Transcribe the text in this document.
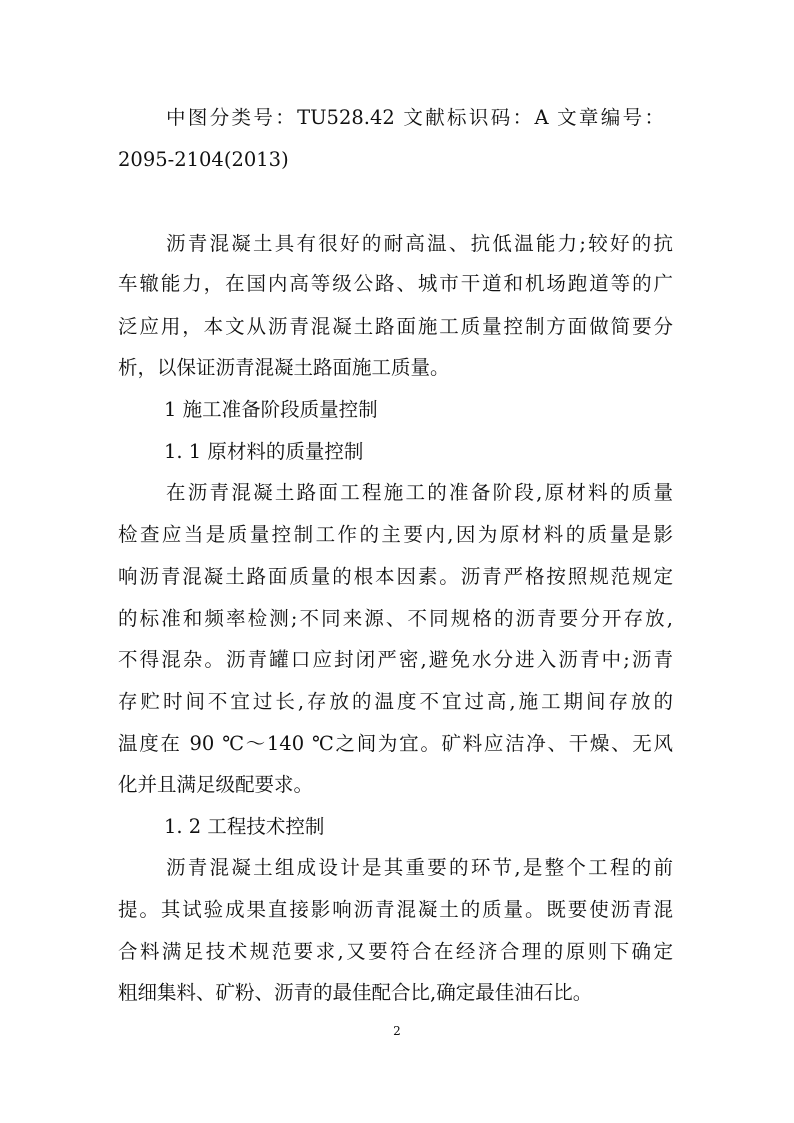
中图分类号：TU528.42 文献标识码：A 文章编号：
2095-2104(2013)
沥青混凝土具有很好的耐高温、抗低温能力;较好的抗
车辙能力，在国内高等级公路、城市干道和机场跑道等的广
泛应用，本文从沥青混凝土路面施工质量控制方面做简要分
析，以保证沥青混凝土路面施工质量。
1 施工准备阶段质量控制
1. 1 原材料的质量控制
在沥青混凝土路面工程施工的准备阶段,原材料的质量
检查应当是质量控制工作的主要内,因为原材料的质量是影
响沥青混凝土路面质量的根本因素。沥青严格按照规范规定
的标准和频率检测;不同来源、不同规格的沥青要分开存放,
不得混杂。沥青罐口应封闭严密,避免水分进入沥青中;沥青
存贮时间不宜过长,存放的温度不宜过高,施工期间存放的
温度在 90 ℃～140 ℃之间为宜。矿料应洁净、干燥、无风
化并且满足级配要求。
1. 2 工程技术控制
沥青混凝土组成设计是其重要的环节,是整个工程的前
提。其试验成果直接影响沥青混凝土的质量。既要使沥青混
合料满足技术规范要求,又要符合在经济合理的原则下确定
粗细集料、矿粉、沥青的最佳配合比,确定最佳油石比。
2
